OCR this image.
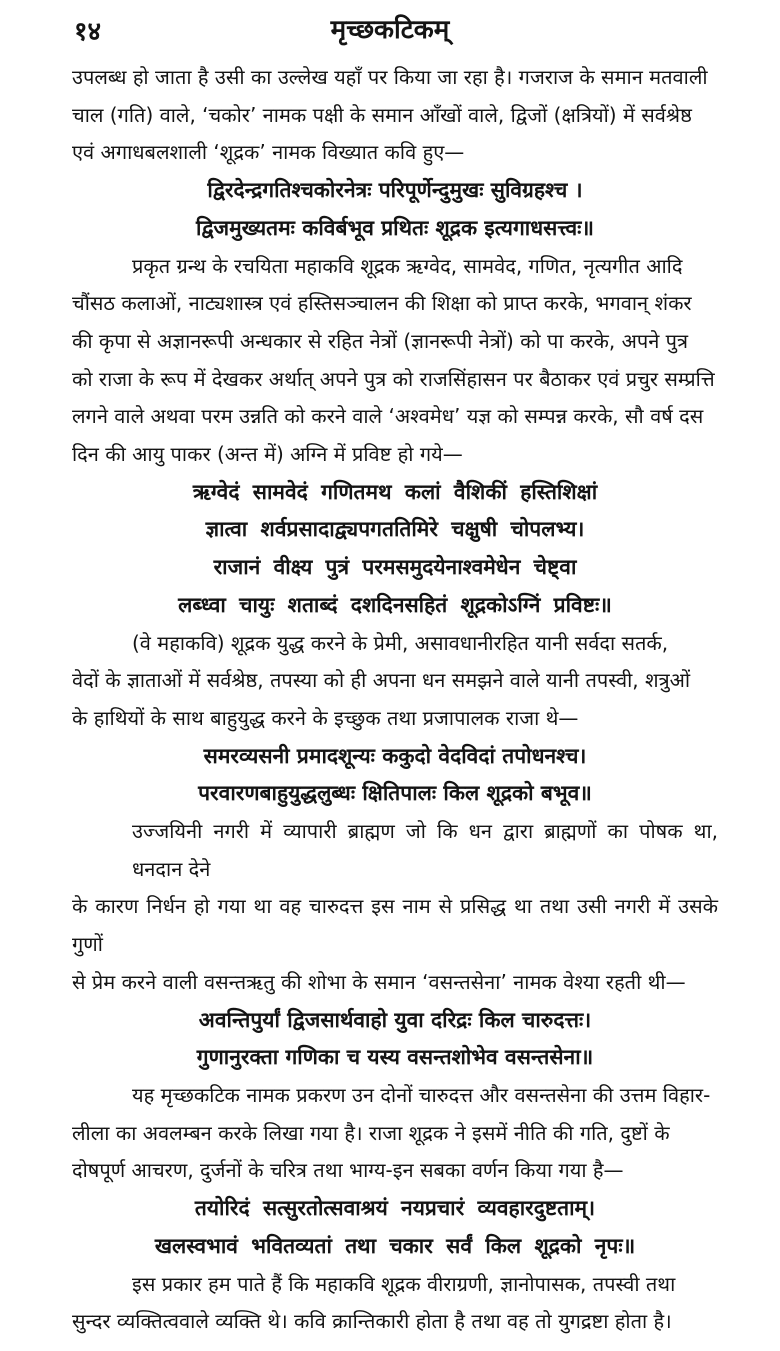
१४	मृच्छकटिकम्
उपलब्ध हो जाता है उसी का उल्लेख यहाँ पर किया जा रहा है। गजराज के समान मतवाली
चाल (गति) वाले, ‘चकोर’ नामक पक्षी के समान आँखों वाले, द्विजों (क्षत्रियों) में सर्वश्रेष्ठ
एवं अगाधबलशाली ‘शूद्रक’ नामक विख्यात कवि हुए—
द्विरदेन्द्रगतिश्चकोरनेत्रः परिपूर्णेन्दुमुखः सुविग्रहश्च ।
द्विजमुख्यतमः कविर्बभूव प्रथितः शूद्रक इत्यगाधसत्त्वः॥
प्रकृत ग्रन्थ के रचयिता महाकवि शूद्रक ऋग्वेद, सामवेद, गणित, नृत्यगीत आदि
चौंसठ कलाओं, नाट्यशास्त्र एवं हस्तिसञ्चालन की शिक्षा को प्राप्त करके, भगवान् शंकर
की कृपा से अज्ञानरूपी अन्धकार से रहित नेत्रों (ज्ञानरूपी नेत्रों) को पा करके, अपने पुत्र
को राजा के रूप में देखकर अर्थात् अपने पुत्र को राजसिंहासन पर बैठाकर एवं प्रचुर सम्प्रत्ति
लगने वाले अथवा परम उन्नति को करने वाले ‘अश्वमेध’ यज्ञ को सम्पन्न करके, सौ वर्ष दस
दिन की आयु पाकर (अन्त में) अग्नि में प्रविष्ट हो गये—
ऋग्वेदं सामवेदं गणितमथ कलां वैशिकीं हस्तिशिक्षां
ज्ञात्वा शर्वप्रसादाद्व्यपगततिमिरे चक्षुषी चोपलभ्य।
राजानं वीक्ष्य पुत्रं परमसमुदयेनाश्वमेधेन चेष्ट्वा
लब्ध्वा चायुः शताब्दं दशदिनसहितं शूद्रकोऽग्निं प्रविष्टः॥
(वे महाकवि) शूद्रक युद्ध करने के प्रेमी, असावधानीरहित यानी सर्वदा सतर्क,
वेदों के ज्ञाताओं में सर्वश्रेष्ठ, तपस्या को ही अपना धन समझने वाले यानी तपस्वी, शत्रुओं
के हाथियों के साथ बाहुयुद्ध करने के इच्छुक तथा प्रजापालक राजा थे—
समरव्यसनी प्रमादशून्यः ककुदो वेदविदां तपोधनश्च।
परवारणबाहुयुद्धलुब्धः क्षितिपालः किल शूद्रको बभूव॥
उज्जयिनी नगरी में व्यापारी ब्राह्मण जो कि धन द्वारा ब्राह्मणों का पोषक था, धनदान देने
के कारण निर्धन हो गया था वह चारुदत्त इस नाम से प्रसिद्ध था तथा उसी नगरी में उसके गुणों
से प्रेम करने वाली वसन्तऋतु की शोभा के समान ‘वसन्तसेना’ नामक वेश्या रहती थी—
अवन्तिपुर्यां द्विजसार्थवाहो युवा दरिद्रः किल चारुदत्तः।
गुणानुरक्ता गणिका च यस्य वसन्तशोभेव वसन्तसेना॥
यह मृच्छकटिक नामक प्रकरण उन दोनों चारुदत्त और वसन्तसेना की उत्तम विहार-
लीला का अवलम्बन करके लिखा गया है। राजा शूद्रक ने इसमें नीति की गति, दुष्टों के
दोषपूर्ण आचरण, दुर्जनों के चरित्र तथा भाग्य-इन सबका वर्णन किया गया है—
तयोरिदं सत्सुरतोत्सवाश्रयं नयप्रचारं व्यवहारदुष्टताम्।
खलस्वभावं भवितव्यतां तथा चकार सर्वं किल शूद्रको नृपः॥
इस प्रकार हम पाते हैं कि महाकवि शूद्रक वीराग्रणी, ज्ञानोपासक, तपस्वी तथा
सुन्दर व्यक्तित्ववाले व्यक्ति थे। कवि क्रान्तिकारी होता है तथा वह तो युगद्रष्टा होता है।
